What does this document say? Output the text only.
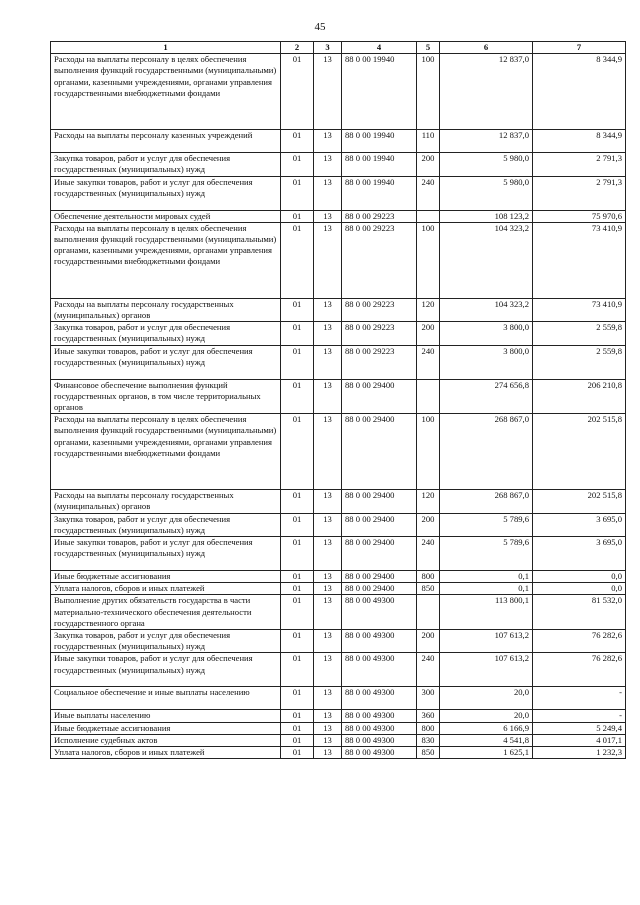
45
1	2	3	4	5	6	7
Расходы на выплаты персоналу в целях обеспечения выполнения функций государственными (муниципальными) органами, казенными учреждениями, органами управления государственными внебюджетными фондами	01	13	88 0 00 19940	100	12 837,0	8 344,9
Расходы на выплаты персоналу казенных учреждений	01	13	88 0 00 19940	110	12 837,0	8 344,9
Закупка товаров, работ и услуг для обеспечения государственных (муниципальных) нужд	01	13	88 0 00 19940	200	5 980,0	2 791,3
Иные закупки товаров, работ и услуг для обеспечения государственных (муниципальных) нужд	01	13	88 0 00 19940	240	5 980,0	2 791,3
Обеспечение деятельности мировых судей	01	13	88 0 00 29223		108 123,2	75 970,6
Расходы на выплаты персоналу в целях обеспечения выполнения функций государственными (муниципальными) органами, казенными учреждениями, органами управления государственными внебюджетными фондами	01	13	88 0 00 29223	100	104 323,2	73 410,9
Расходы на выплаты персоналу государственных (муниципальных) органов	01	13	88 0 00 29223	120	104 323,2	73 410,9
Закупка товаров, работ и услуг для обеспечения государственных (муниципальных) нужд	01	13	88 0 00 29223	200	3 800,0	2 559,8
Иные закупки товаров, работ и услуг для обеспечения государственных (муниципальных) нужд	01	13	88 0 00 29223	240	3 800,0	2 559,8
Финансовое обеспечение выполнения функций государственных органов, в том числе территориальных органов	01	13	88 0 00 29400		274 656,8	206 210,8
Расходы на выплаты персоналу в целях обеспечения выполнения функций государственными (муниципальными) органами, казенными учреждениями, органами управления государственными внебюджетными фондами	01	13	88 0 00 29400	100	268 867,0	202 515,8
Расходы на выплаты персоналу государственных (муниципальных) органов	01	13	88 0 00 29400	120	268 867,0	202 515,8
Закупка товаров, работ и услуг для обеспечения государственных (муниципальных) нужд	01	13	88 0 00 29400	200	5 789,6	3 695,0
Иные закупки товаров, работ и услуг для обеспечения государственных (муниципальных) нужд	01	13	88 0 00 29400	240	5 789,6	3 695,0
Иные бюджетные ассигнования	01	13	88 0 00 29400	800	0,1	0,0
Уплата налогов, сборов и иных платежей	01	13	88 0 00 29400	850	0,1	0,0
Выполнение других обязательств государства в части материально-технического обеспечения деятельности государственного органа	01	13	88 0 00 49300		113 800,1	81 532,0
Закупка товаров, работ и услуг для обеспечения государственных (муниципальных) нужд	01	13	88 0 00 49300	200	107 613,2	76 282,6
Иные закупки товаров, работ и услуг для обеспечения государственных (муниципальных) нужд	01	13	88 0 00 49300	240	107 613,2	76 282,6
Социальное обеспечение и иные выплаты населению	01	13	88 0 00 49300	300	20,0	-
Иные выплаты населению	01	13	88 0 00 49300	360	20,0	-
Иные бюджетные ассигнования	01	13	88 0 00 49300	800	6 166,9	5 249,4
Исполнение судебных актов	01	13	88 0 00 49300	830	4 541,8	4 017,1
Уплата налогов, сборов и иных платежей	01	13	88 0 00 49300	850	1 625,1	1 232,3
